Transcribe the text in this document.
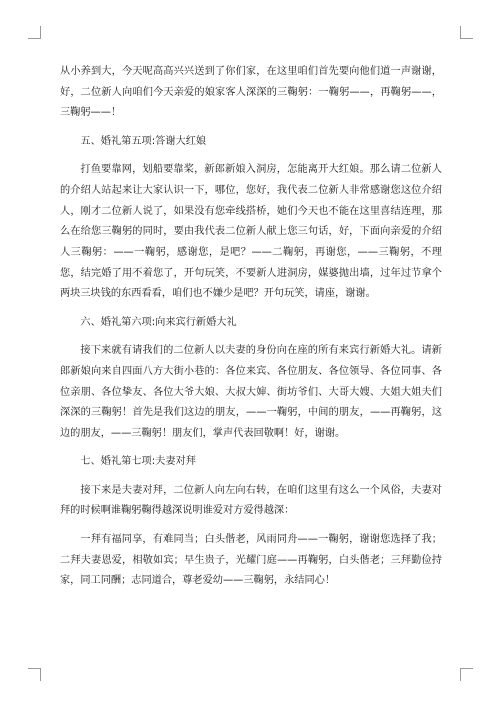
从小养到大，今天呢高高兴兴送到了你们家，在这里咱们首先要向他们道一声谢谢，好，二位新人向咱们今天亲爱的娘家客人深深的三鞠躬：一鞠躬——，再鞠躬——，三鞠躬——！

五、婚礼第五项:答谢大红娘

打鱼要靠网，划船要靠桨，新郎新娘入洞房，怎能离开大红娘。那么请二位新人的介绍人站起来让大家认识一下，哪位，您好，我代表二位新人非常感谢您这位介绍人，刚才二位新人说了，如果没有您牵线搭桥，她们今天也不能在这里喜结连理，那么在给您三鞠躬的同时，要由我代表二位新人献上您三句话，好，下面向亲爱的介绍人三鞠躬：——一鞠躬，感谢您，是吧？——二鞠躬，再谢您，——三鞠躬，不理您，结完婚了用不着您了，开句玩笑，不要新人进洞房，媒婆抛出墙，过年过节拿个两块三块钱的东西看看，咱们也不嫌少是吧？开句玩笑，请座，谢谢。

六、婚礼第六项:向来宾行新婚大礼

接下来就有请我们的二位新人以夫妻的身份向在座的所有来宾行新婚大礼。请新郎新娘向来自四面八方大街小巷的：各位来宾、各位朋友、各位领导、各位同事、各位亲朋、各位挚友、各位大爷大娘、大叔大婶、街坊爷们、大哥大嫂、大姐大姐夫们深深的三鞠躬！首先是我们这边的朋友，——一鞠躬，中间的朋友，——再鞠躬，这边的朋友，——三鞠躬！朋友们，掌声代表回敬啊！好，谢谢。

七、婚礼第七项:夫妻对拜

接下来是夫妻对拜，二位新人向左向右转，在咱们这里有这么一个风俗，夫妻对拜的时候啊谁鞠躬鞠得越深说明谁爱对方爱得越深：

一拜有福同享，有难同当；白头偕老，风雨同舟——一鞠躬，谢谢您选择了我；二拜夫妻恩爱，相敬如宾；早生贵子，光耀门庭——再鞠躬，白头偕老；三拜勤俭持家，同工同酬；志同道合，尊老爱幼——三鞠躬，永结同心！
